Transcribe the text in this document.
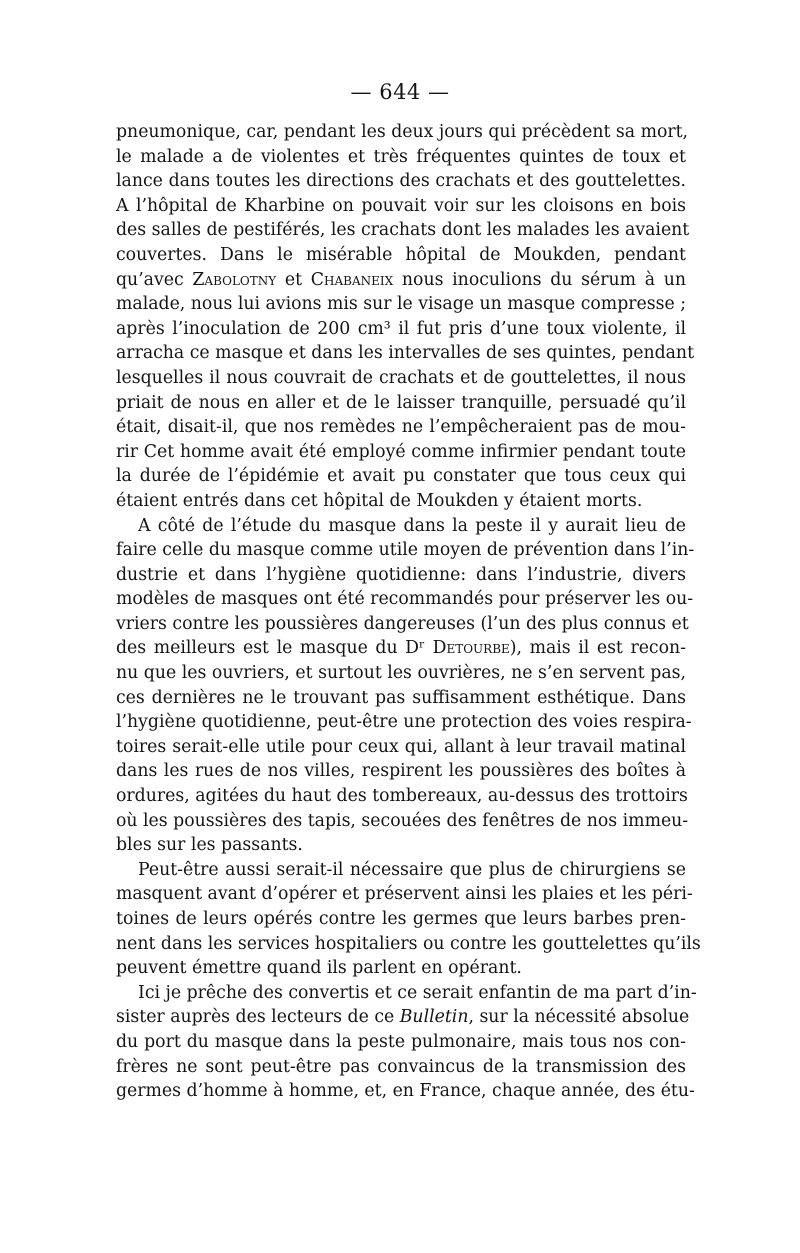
— 644 —
pneumonique, car, pendant les deux jours qui précèdent sa mort,
le malade a de violentes et très fréquentes quintes de toux et
lance dans toutes les directions des crachats et des gouttelettes.
A l’hôpital de Kharbine on pouvait voir sur les cloisons en bois
des salles de pestiférés, les crachats dont les malades les avaient
couvertes. Dans le misérable hôpital de Moukden, pendant
qu’avec Zabolotny et Chabaneix nous inoculions du sérum à un
malade, nous lui avions mis sur le visage un masque compresse ;
après l’inoculation de 200 cm³ il fut pris d’une toux violente, il
arracha ce masque et dans les intervalles de ses quintes, pendant
lesquelles il nous couvrait de crachats et de gouttelettes, il nous
priait de nous en aller et de le laisser tranquille, persuadé qu’il
était, disait-il, que nos remèdes ne l’empêcheraient pas de mou-
rir Cet homme avait été employé comme infirmier pendant toute
la durée de l’épidémie et avait pu constater que tous ceux qui
étaient entrés dans cet hôpital de Moukden y étaient morts.
A côté de l’étude du masque dans la peste il y aurait lieu de
faire celle du masque comme utile moyen de prévention dans l’in-
dustrie et dans l’hygiène quotidienne: dans l’industrie, divers
modèles de masques ont été recommandés pour préserver les ou-
vriers contre les poussières dangereuses (l’un des plus connus et
des meilleurs est le masque du Dʳ Detourbe), mais il est recon-
nu que les ouvriers, et surtout les ouvrières, ne s’en servent pas,
ces dernières ne le trouvant pas suffisamment esthétique. Dans
l’hygiène quotidienne, peut-être une protection des voies respira-
toires serait-elle utile pour ceux qui, allant à leur travail matinal
dans les rues de nos villes, respirent les poussières des boîtes à
ordures, agitées du haut des tombereaux, au-dessus des trottoirs
où les poussières des tapis, secouées des fenêtres de nos immeu-
bles sur les passants.
Peut-être aussi serait-il nécessaire que plus de chirurgiens se
masquent avant d’opérer et préservent ainsi les plaies et les péri-
toines de leurs opérés contre les germes que leurs barbes pren-
nent dans les services hospitaliers ou contre les gouttelettes qu’ils
peuvent émettre quand ils parlent en opérant.
Ici je prêche des convertis et ce serait enfantin de ma part d’in-
sister auprès des lecteurs de ce Bulletin, sur la nécessité absolue
du port du masque dans la peste pulmonaire, mais tous nos con-
frères ne sont peut-être pas convaincus de la transmission des
germes d’homme à homme, et, en France, chaque année, des étu-
